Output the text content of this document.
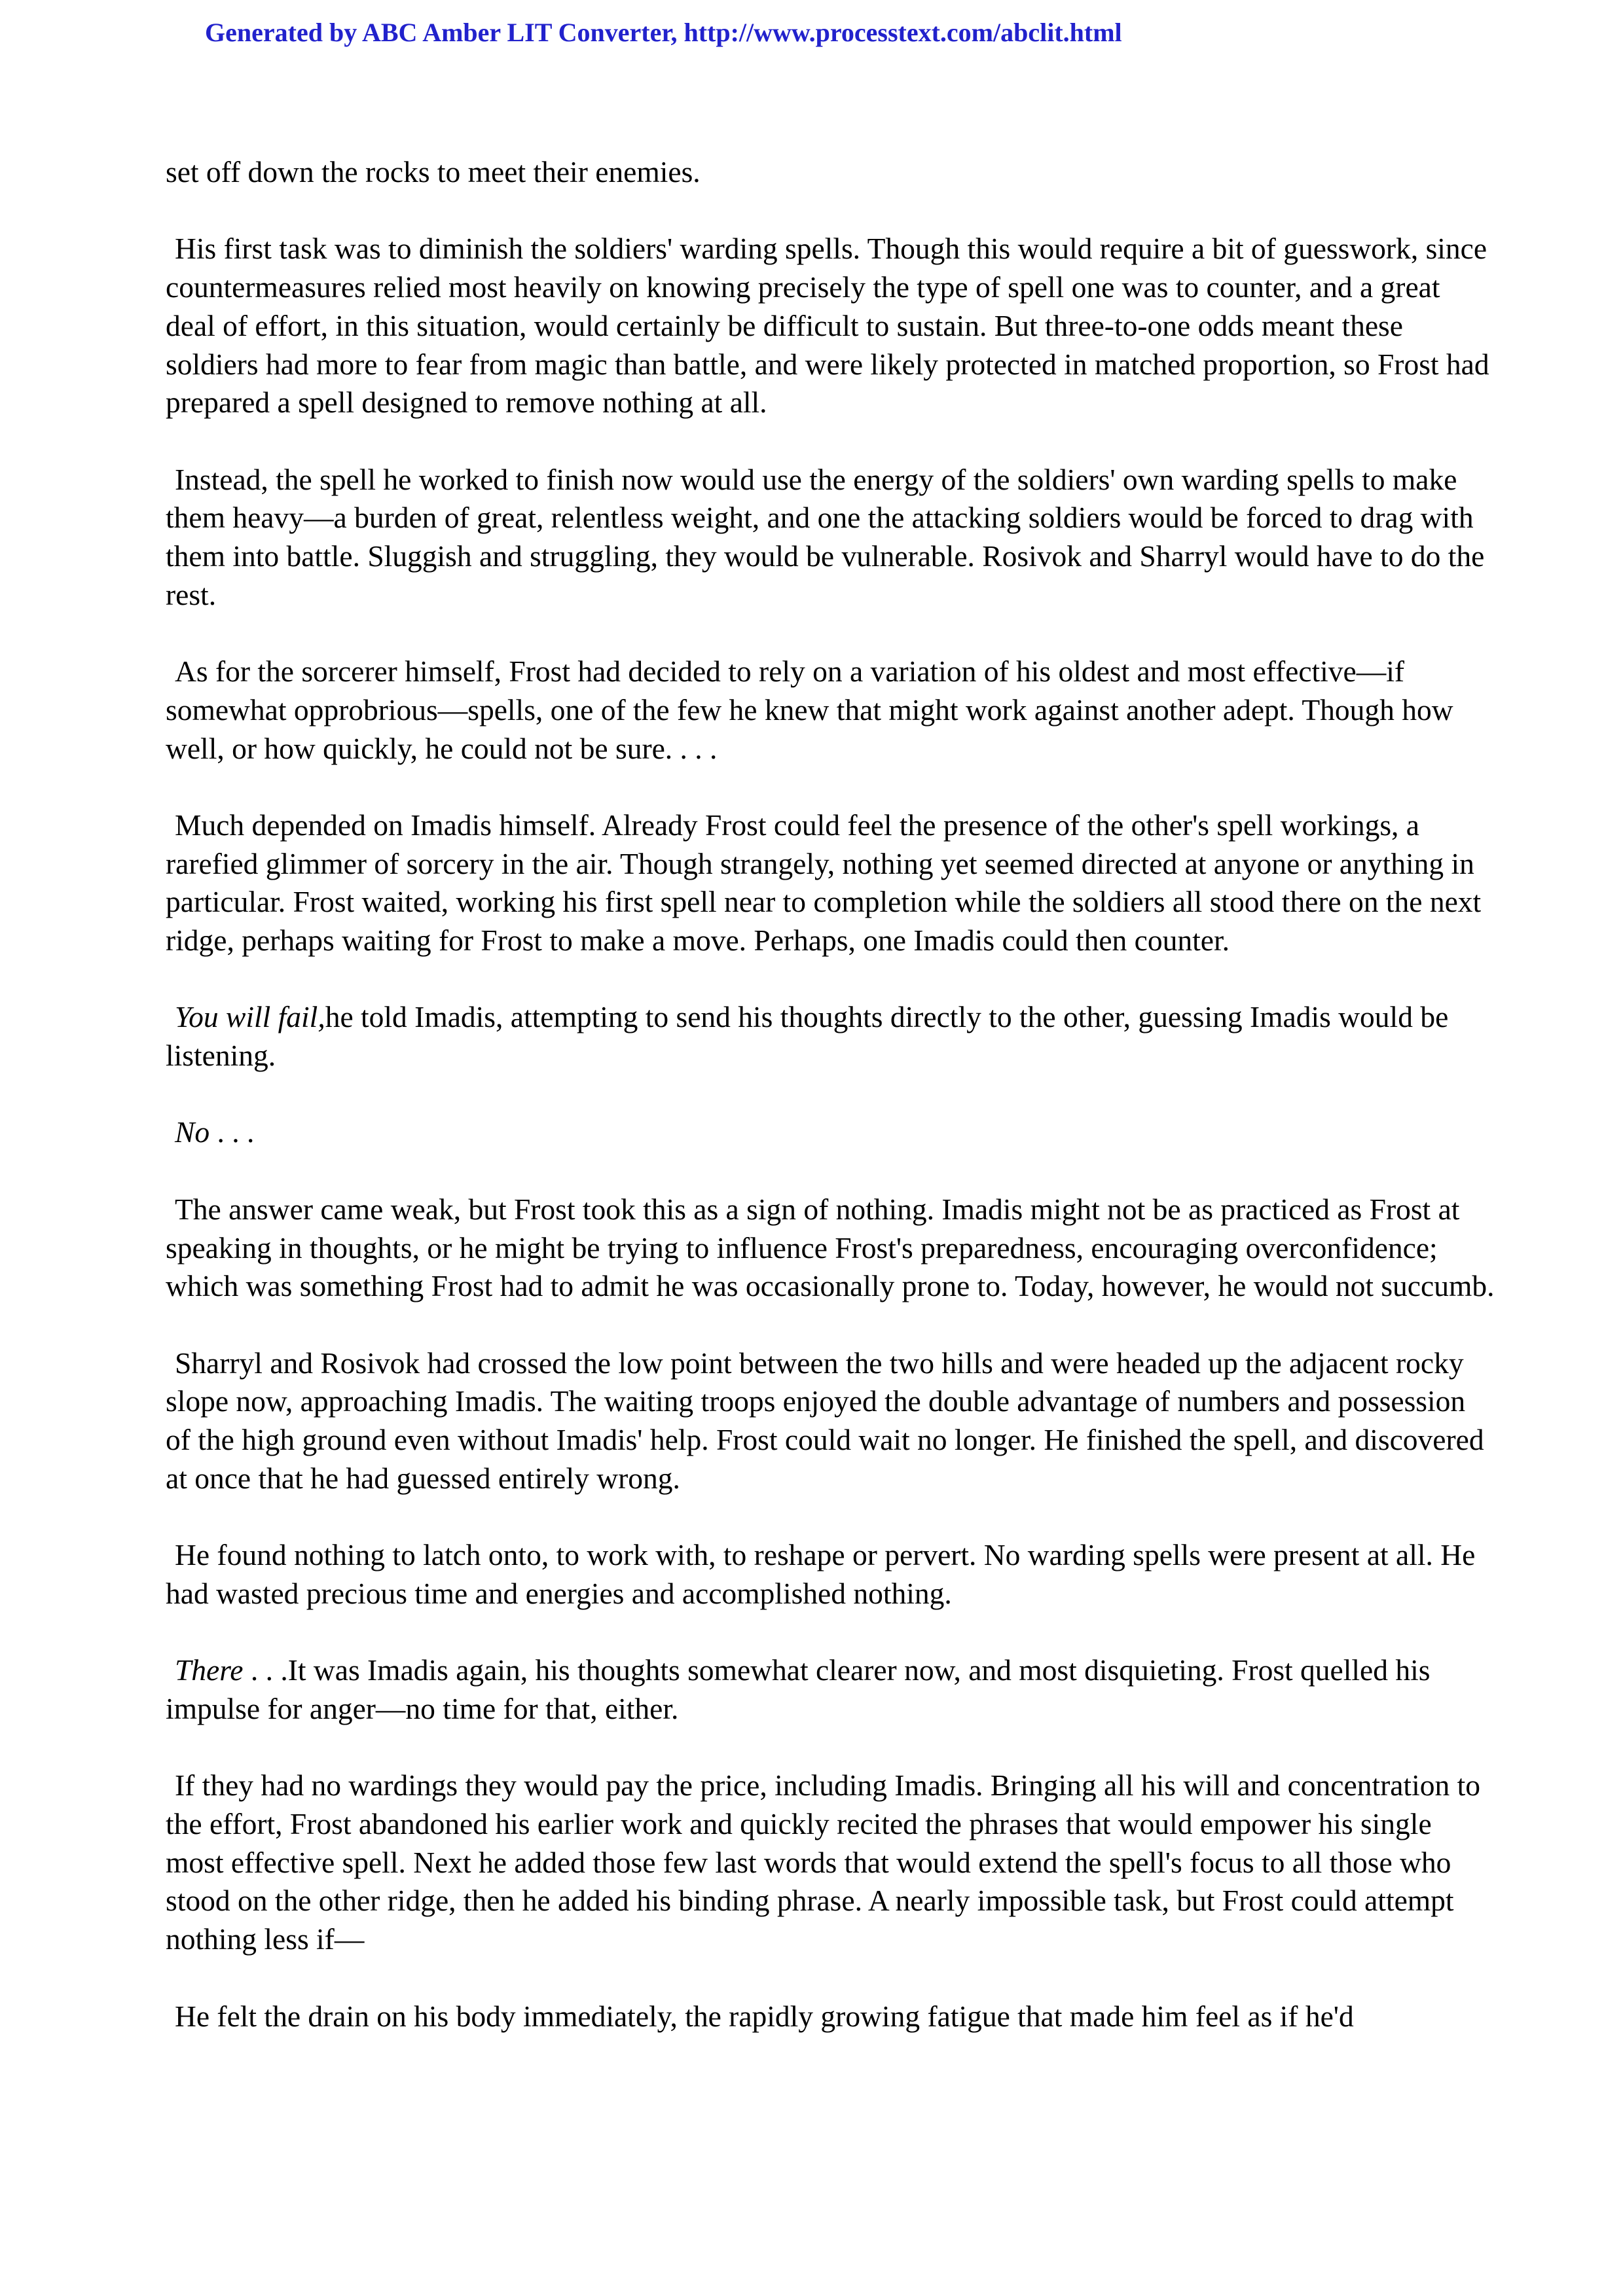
Generated by ABC Amber LIT Converter, http://www.processtext.com/abclit.html

set off down the rocks to meet their enemies.

His first task was to diminish the soldiers' warding spells. Though this would require a bit of guesswork, since countermeasures relied most heavily on knowing precisely the type of spell one was to counter, and a great deal of effort, in this situation, would certainly be difficult to sustain. But three-to-one odds meant these soldiers had more to fear from magic than battle, and were likely protected in matched proportion, so Frost had prepared a spell designed to remove nothing at all.

Instead, the spell he worked to finish now would use the energy of the soldiers' own warding spells to make them heavy—a burden of great, relentless weight, and one the attacking soldiers would be forced to drag with them into battle. Sluggish and struggling, they would be vulnerable. Rosivok and Sharryl would have to do the rest.

As for the sorcerer himself, Frost had decided to rely on a variation of his oldest and most effective—if somewhat opprobrious—spells, one of the few he knew that might work against another adept. Though how well, or how quickly, he could not be sure. . . .

Much depended on Imadis himself. Already Frost could feel the presence of the other's spell workings, a rarefied glimmer of sorcery in the air. Though strangely, nothing yet seemed directed at anyone or anything in particular. Frost waited, working his first spell near to completion while the soldiers all stood there on the next ridge, perhaps waiting for Frost to make a move. Perhaps, one Imadis could then counter.

You will fail,he told Imadis, attempting to send his thoughts directly to the other, guessing Imadis would be listening.

No . . .

The answer came weak, but Frost took this as a sign of nothing. Imadis might not be as practiced as Frost at speaking in thoughts, or he might be trying to influence Frost's preparedness, encouraging overconfidence; which was something Frost had to admit he was occasionally prone to. Today, however, he would not succumb.

Sharryl and Rosivok had crossed the low point between the two hills and were headed up the adjacent rocky slope now, approaching Imadis. The waiting troops enjoyed the double advantage of numbers and possession of the high ground even without Imadis' help. Frost could wait no longer. He finished the spell, and discovered at once that he had guessed entirely wrong.

He found nothing to latch onto, to work with, to reshape or pervert. No warding spells were present at all. He had wasted precious time and energies and accomplished nothing.

There . . .It was Imadis again, his thoughts somewhat clearer now, and most disquieting. Frost quelled his impulse for anger—no time for that, either.

If they had no wardings they would pay the price, including Imadis. Bringing all his will and concentration to the effort, Frost abandoned his earlier work and quickly recited the phrases that would empower his single most effective spell. Next he added those few last words that would extend the spell's focus to all those who stood on the other ridge, then he added his binding phrase. A nearly impossible task, but Frost could attempt nothing less if—

He felt the drain on his body immediately, the rapidly growing fatigue that made him feel as if he'd
